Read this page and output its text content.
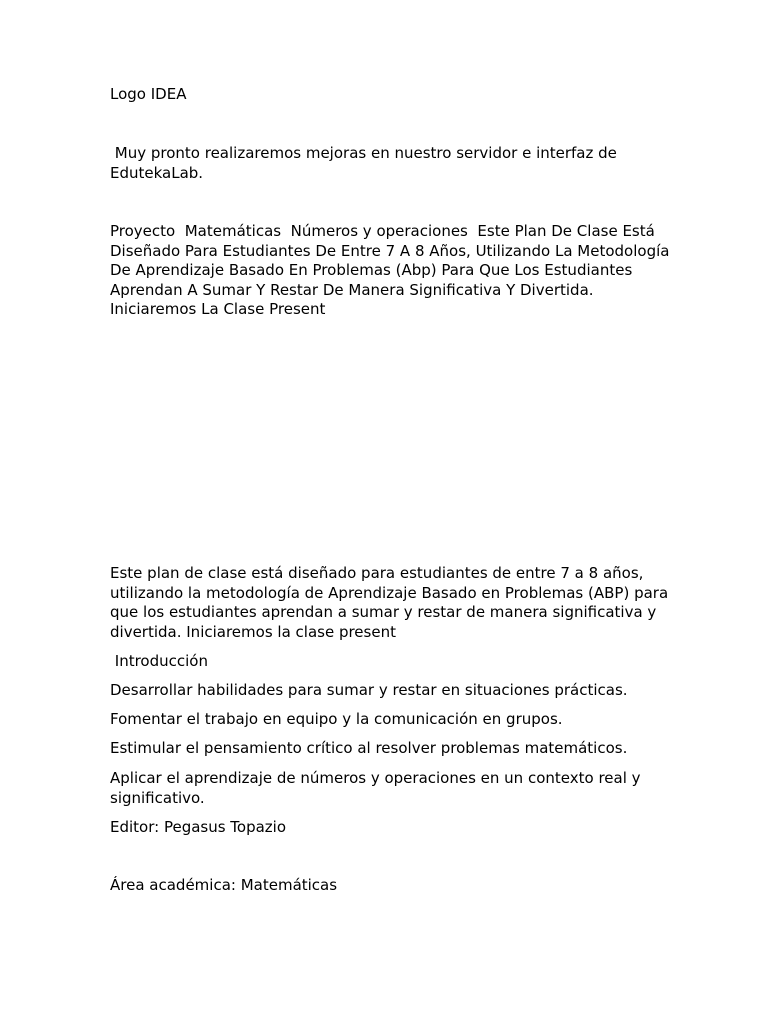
Logo IDEA

Muy pronto realizaremos mejoras en nuestro servidor e interfaz de EdutekaLab.

Proyecto  Matemáticas  Números y operaciones  Este Plan De Clase Está Diseñado Para Estudiantes De Entre 7 A 8 Años, Utilizando La Metodología De Aprendizaje Basado En Problemas (Abp) Para Que Los Estudiantes Aprendan A Sumar Y Restar De Manera Significativa Y Divertida. Iniciaremos La Clase Present

Este plan de clase está diseñado para estudiantes de entre 7 a 8 años, utilizando la metodología de Aprendizaje Basado en Problemas (ABP) para que los estudiantes aprendan a sumar y restar de manera significativa y divertida. Iniciaremos la clase present

Introducción

Desarrollar habilidades para sumar y restar en situaciones prácticas.

Fomentar el trabajo en equipo y la comunicación en grupos.

Estimular el pensamiento crítico al resolver problemas matemáticos.

Aplicar el aprendizaje de números y operaciones en un contexto real y significativo.

Editor: Pegasus Topazio

Área académica: Matemáticas
